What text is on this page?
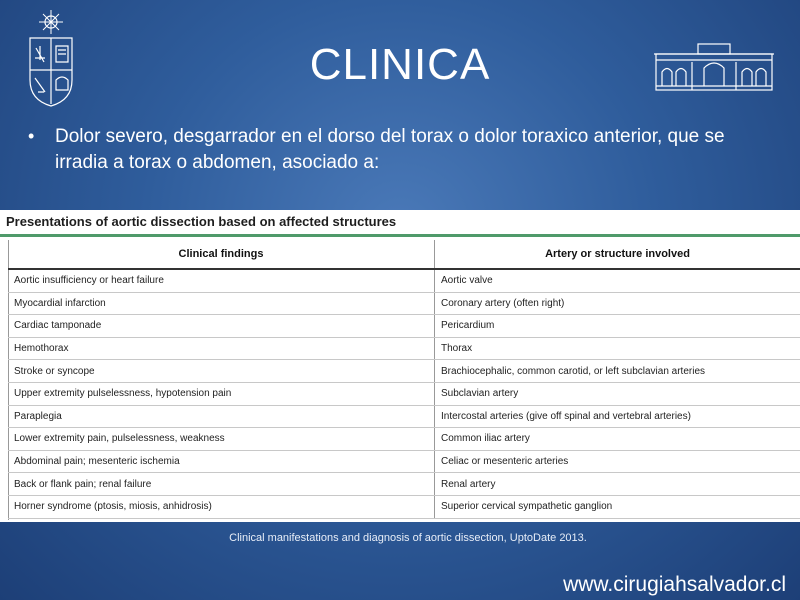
CLINICA
• Dolor severo, desgarrador en el dorso del torax o dolor toraxico anterior, que se irradia a torax o abdomen, asociado a:
Presentations of aortic dissection based on affected structures
Clinical findings	Artery or structure involved
Aortic insufficiency or heart failure	Aortic valve
Myocardial infarction	Coronary artery (often right)
Cardiac tamponade	Pericardium
Hemothorax	Thorax
Stroke or syncope	Brachiocephalic, common carotid, or left subclavian arteries
Upper extremity pulselessness, hypotension pain	Subclavian artery
Paraplegia	Intercostal arteries (give off spinal and vertebral arteries)
Lower extremity pain, pulselessness, weakness	Common iliac artery
Abdominal pain; mesenteric ischemia	Celiac or mesenteric arteries
Back or flank pain; renal failure	Renal artery
Horner syndrome (ptosis, miosis, anhidrosis)	Superior cervical sympathetic ganglion
Clinical manifestations and diagnosis of aortic dissection, UptoDate 2013.
www.cirugiahsalvador.cl
